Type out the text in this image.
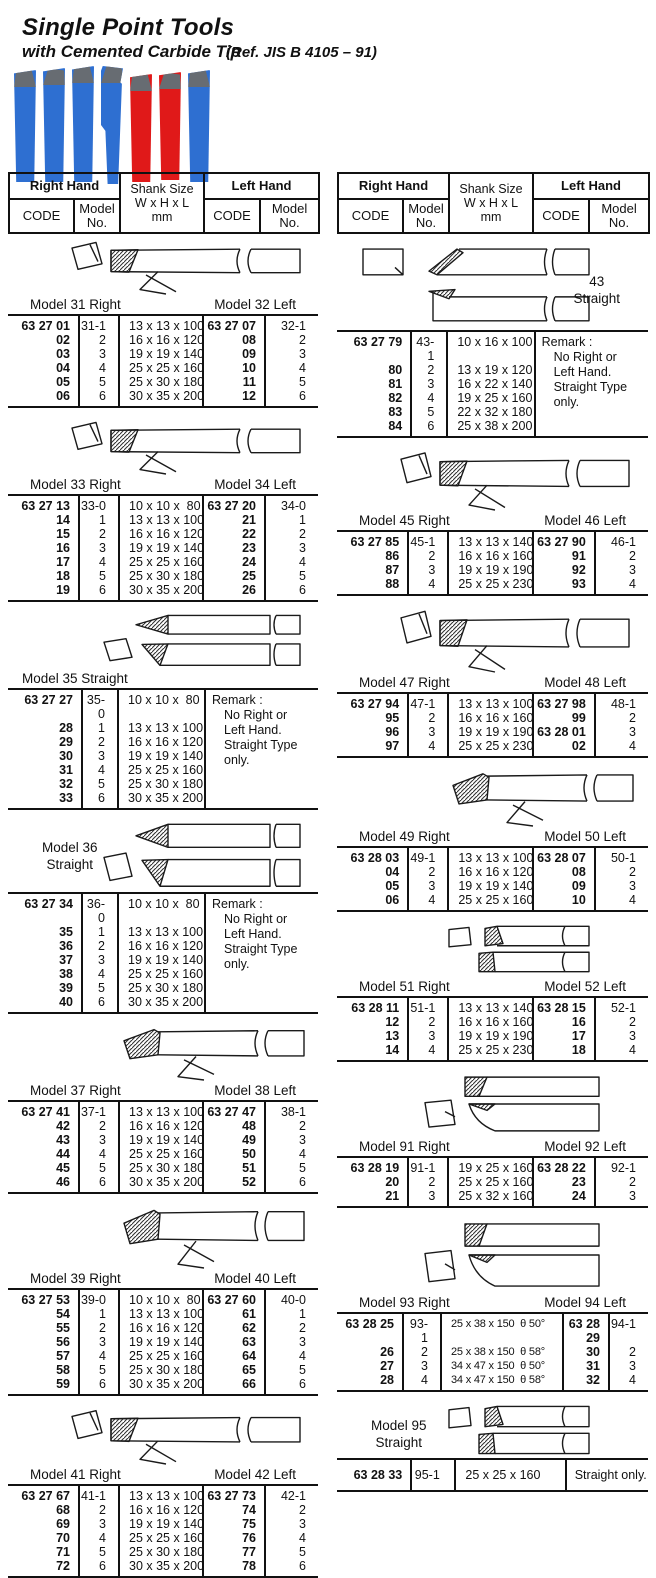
Single Point Tools
with Cemented Carbide Tip
(Ref. JIS B 4105 – 91)
Right Hand		Shank Size
W x H x L
mm	Left Hand	
CODE	Model
No.		CODE	Model
No.
Model 31 Right	Model 32 Left
63 27 01	31-1	13 x 13 x 100	63 27 07	32-1
02	2	16 x 16 x 120	08	2
03	3	19 x 19 x 140	09	3
04	4	25 x 25 x 160	10	4
05	5	25 x 30 x 180	11	5
06	6	30 x 35 x 200	12	6
Model 33 Right	Model 34 Left
63 27 13	33-0	10 x 10 x  80	63 27 20	34-0
14	1	13 x 13 x 100	21	1
15	2	16 x 16 x 120	22	2
16	3	19 x 19 x 140	23	3
17	4	25 x 25 x 160	24	4
18	5	25 x 30 x 180	25	5
19	6	30 x 35 x 200	26	6
Model 35 Straight
63 27 27	35-0	10 x 10 x  80	Remark :
No Right or
Left Hand.
Straight Type
only.

28	1	13 x 13 x 100	
29	2	16 x 16 x 120	
30	3	19 x 19 x 140	
31	4	25 x 25 x 160	
32	5	25 x 30 x 180	
33	6	30 x 35 x 200	
Model 36
Straight
63 27 34	36-0	10 x 10 x  80	Remark :
No Right or
Left Hand.
Straight Type
only.

35	1	13 x 13 x 100	
36	2	16 x 16 x 120	
37	3	19 x 19 x 140	
38	4	25 x 25 x 160	
39	5	25 x 30 x 180	
40	6	30 x 35 x 200	
Model 37 Right	Model 38 Left
63 27 41	37-1	13 x 13 x 100	63 27 47	38-1
42	2	16 x 16 x 120	48	2
43	3	19 x 19 x 140	49	3
44	4	25 x 25 x 160	50	4
45	5	25 x 30 x 180	51	5
46	6	30 x 35 x 200	52	6
Model 39 Right	Model 40 Left
63 27 53	39-0	10 x 10 x  80	63 27 60	40-0
54	1	13 x 13 x 100	61	1
55	2	16 x 16 x 120	62	2
56	3	19 x 19 x 140	63	3
57	4	25 x 25 x 160	64	4
58	5	25 x 30 x 180	65	5
59	6	30 x 35 x 200	66	6
Model 41 Right	Model 42 Left
63 27 67	41-1	13 x 13 x 100	63 27 73	42-1
68	2	16 x 16 x 120	74	2
69	3	19 x 19 x 140	75	3
70	4	25 x 25 x 160	76	4
71	5	25 x 30 x 180	77	5
72	6	30 x 35 x 200	78	6
Right Hand		Shank Size
W x H x L
mm	Left Hand	
CODE	Model
No.		CODE	Model
No.
43
Straight
63 27 79	43-1	10 x 16 x 100	Remark :
No Right or
Left Hand.
Straight Type
only.

80	2	13 x 19 x 120	
81	3	16 x 22 x 140	
82	4	19 x 25 x 160	
83	5	22 x 32 x 180	
84	6	25 x 38 x 200	
Model 45 Right	Model 46 Left
63 27 85	45-1	13 x 13 x 140	63 27 90	46-1
86	2	16 x 16 x 160	91	2
87	3	19 x 19 x 190	92	3
88	4	25 x 25 x 230	93	4
Model 47 Right	Model 48 Left
63 27 94	47-1	13 x 13 x 100	63 27 98	48-1
95	2	16 x 16 x 160	99	2
96	3	19 x 19 x 190	63 28 01	3
97	4	25 x 25 x 230	02	4
Model 49 Right	Model 50 Left
63 28 03	49-1	13 x 13 x 100	63 28 07	50-1
04	2	16 x 16 x 120	08	2
05	3	19 x 19 x 140	09	3
06	4	25 x 25 x 160	10	4
Model 51 Right	Model 52 Left
63 28 11	51-1	13 x 13 x 140	63 28 15	52-1
12	2	16 x 16 x 160	16	2
13	3	19 x 19 x 190	17	3
14	4	25 x 25 x 230	18	4
Model 91 Right	Model 92 Left
63 28 19	91-1	19 x 25 x 160	63 28 22	92-1
20	2	25 x 25 x 160	23	2
21	3	25 x 32 x 160	24	3
Model 93 Right	Model 94 Left
63 28 25	93-1	25 x 38 x 150  θ 50°	63 28 29	94-1
26	2	25 x 38 x 150  θ 58°	30	2
27	3	34 x 47 x 150  θ 50°	31	3
28	4	34 x 47 x 150  θ 58°	32	4
Model 95
Straight
63 28 33	95-1	25 x 25 x 160	Straight only.
